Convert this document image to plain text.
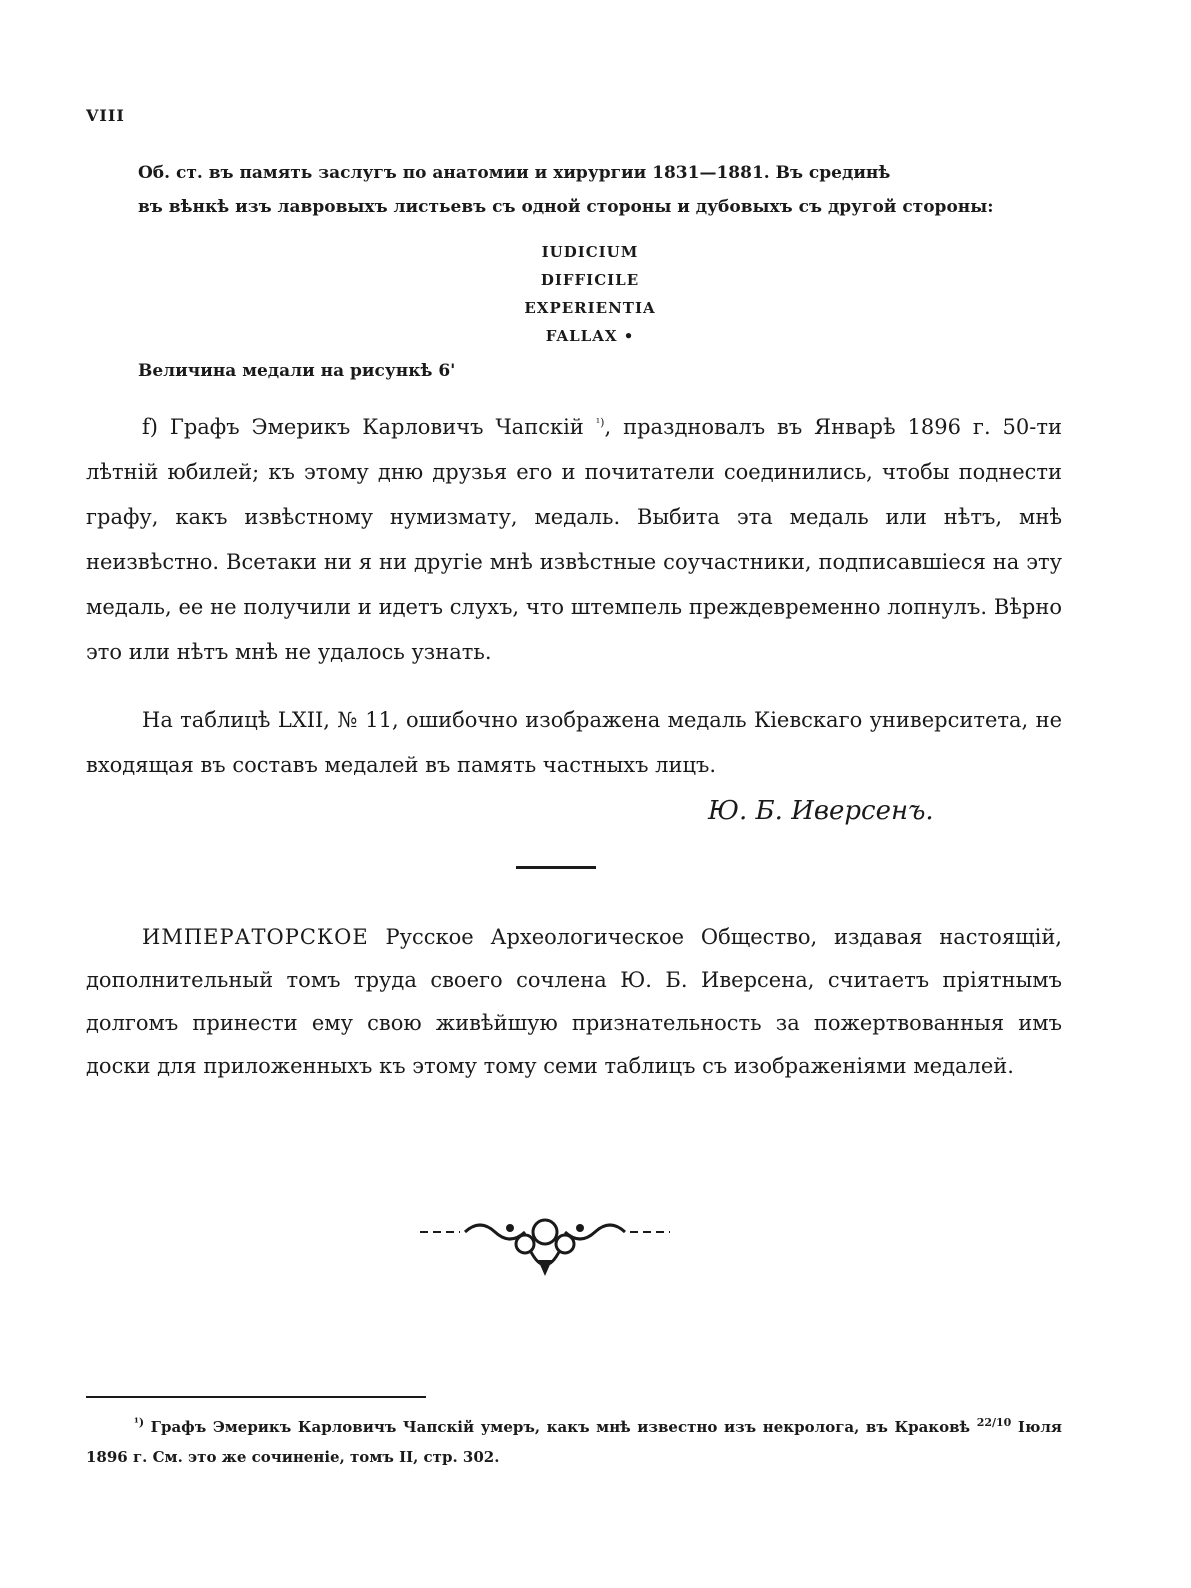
VIII
Об. ст. въ память заслугъ по анатомии и хирургии 1831—1881. Въ срединѣ
въ вѣнкѣ изъ лавровыхъ листьевъ съ одной стороны и дубовыхъ съ другой стороны:
IUDICIUM
DIFFICILE
EXPERIENTIA
FALLAX •
Величина медали на рисункѣ 6'
f) Графъ Эмерикъ Карловичъ Чапскій $^{^1)}$, праздновалъ въ Январѣ 1896 г. 50-ти лѣтній юбилей; къ этому дню друзья его и почитатели соединились, чтобы поднести графу, какъ извѣстному нумизмату, медаль. Выбита эта медаль или нѣтъ, мнѣ неизвѣстно. Всетаки ни я ни другіе мнѣ извѣстные соучастники, подписавшіеся на эту медаль, ее не получили и идетъ слухъ, что штемпель преждевременно лопнулъ. Вѣрно это или нѣтъ мнѣ не удалось узнать.
На таблицѣ LXII, № 11, ошибочно изображена медаль Кіевскаго университета, не входящая въ составъ медалей въ память частныхъ лицъ.
Ю. Б. Иверсенъ.
ИМПЕРАТОРСКОЕ Русское Археологическое Общество, издавая настоящій, дополнительный томъ труда своего сочлена Ю. Б. Иверсена, считаетъ пріятнымъ долгомъ принести ему свою живѣйшую признательность за пожертвованныя имъ доски для приложенныхъ къ этому тому семи таблицъ съ изображеніями медалей.
$^{^1)}$ Графъ Эмерикъ Карловичъ Чапскій умеръ, какъ мнѣ известно изъ некролога, въ Краковѣ $^{22/10}$ Іюля 1896 г. См. это же сочиненіе, томъ II, стр. 302.
